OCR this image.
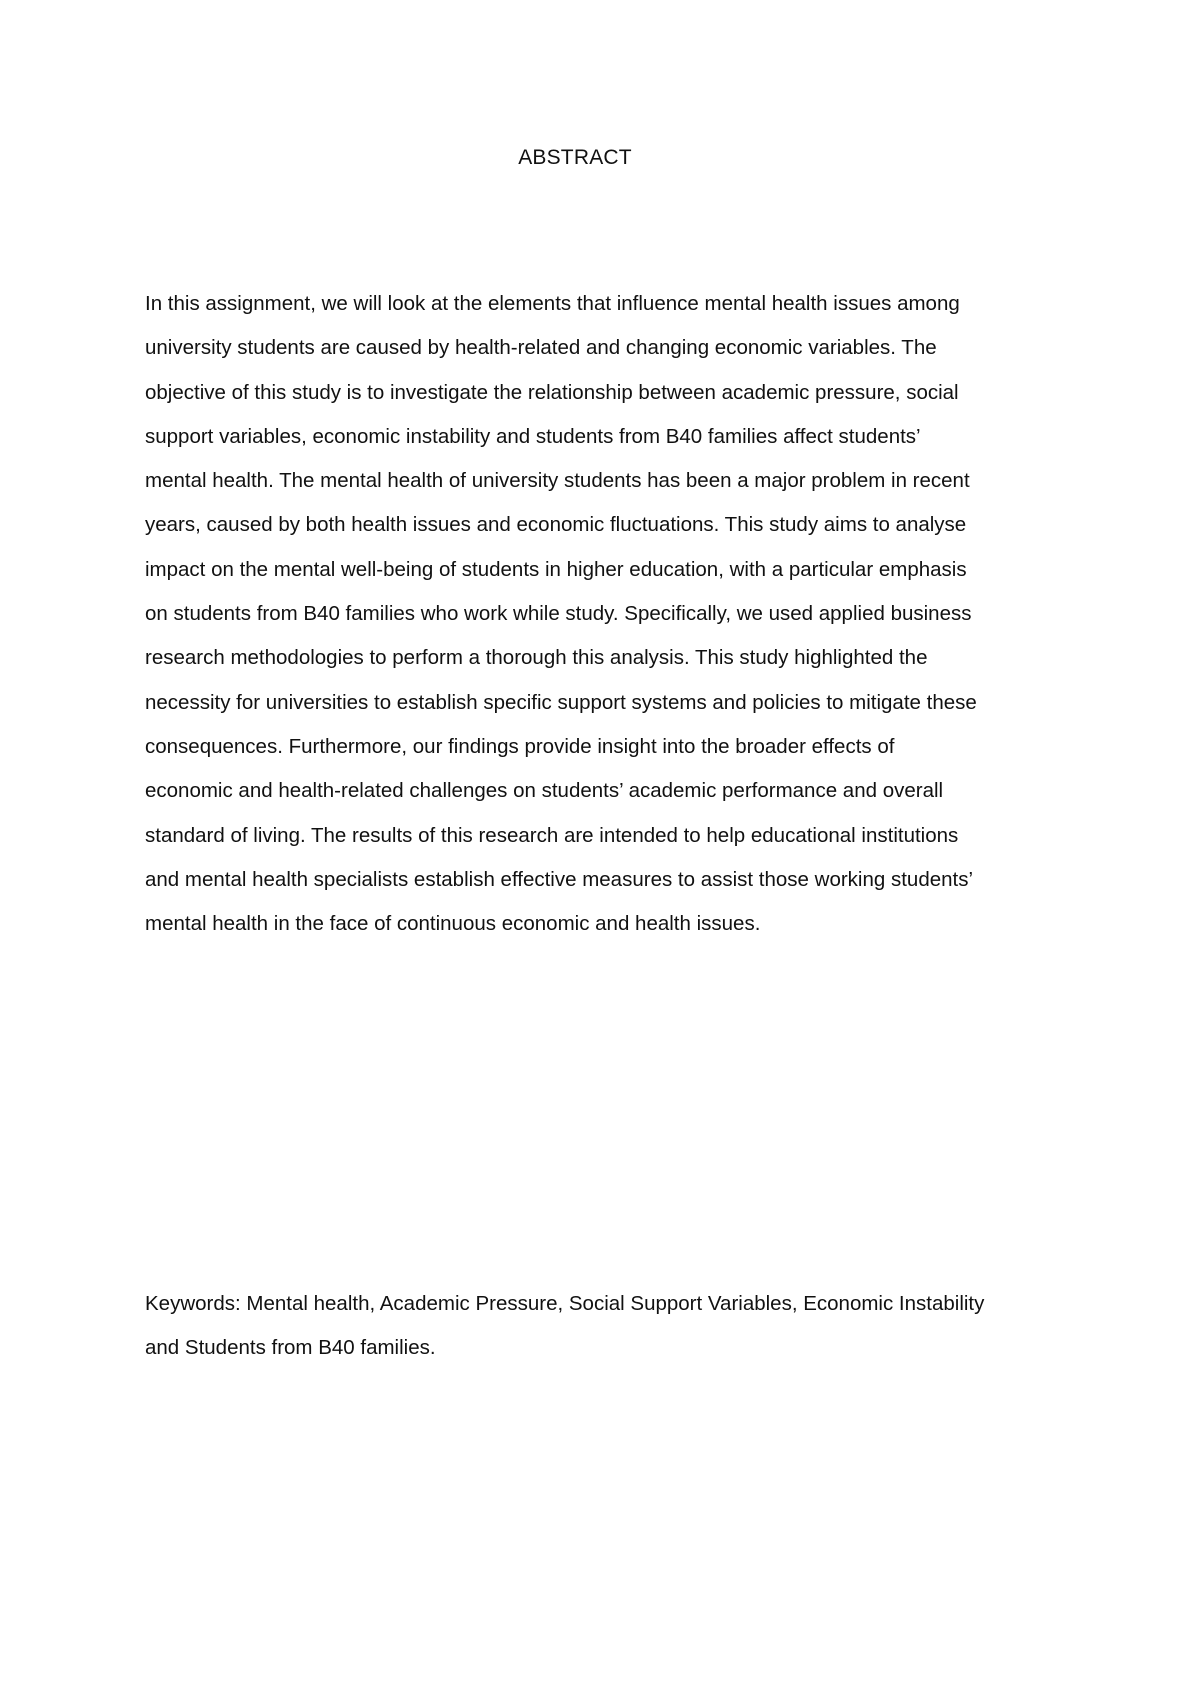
ABSTRACT
In this assignment, we will look at the elements that influence mental health issues among
university students are caused by health-related and changing economic variables. The
objective of this study is to investigate the relationship between academic pressure, social
support variables, economic instability and students from B40 families affect students’
mental health. The mental health of university students has been a major problem in recent
years, caused by both health issues and economic fluctuations. This study aims to analyse
impact on the mental well-being of students in higher education, with a particular emphasis
on students from B40 families who work while study. Specifically, we used applied business
research methodologies to perform a thorough this analysis. This study highlighted the
necessity for universities to establish specific support systems and policies to mitigate these
consequences. Furthermore, our findings provide insight into the broader effects of
economic and health-related challenges on students’ academic performance and overall
standard of living. The results of this research are intended to help educational institutions
and mental health specialists establish effective measures to assist those working students’
mental health in the face of continuous economic and health issues.
Keywords: Mental health, Academic Pressure, Social Support Variables, Economic Instability
and Students from B40 families.
